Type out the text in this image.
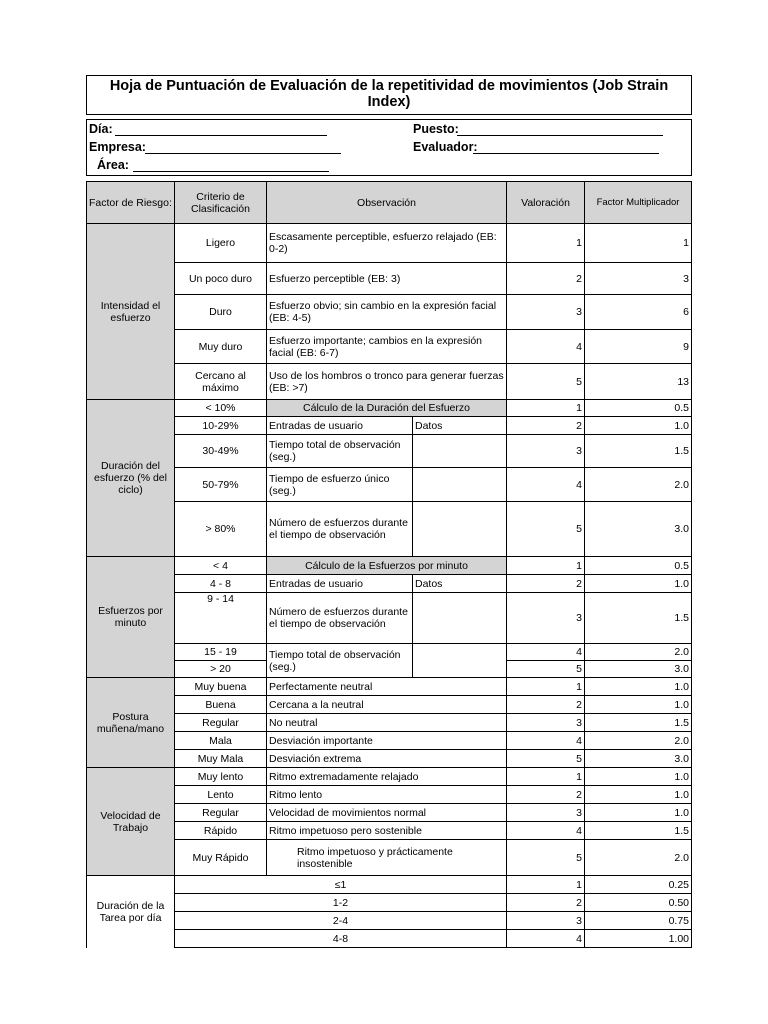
Hoja de Puntuación de Evaluación de la repetitividad de movimientos (Job Strain Index)
Día:
Empresa:
Área:
Puesto:
Evaluador:
Factor de Riesgo:	Criterio de Clasificación	Observación		Valoración	Factor Multiplicador
Intensidad el esfuerzo	Ligero	Escasamente perceptible, esfuerzo relajado (EB: 0-2)		1	1
	Un poco duro	Esfuerzo perceptible (EB: 3)		2	3
	Duro	Esfuerzo obvio; sin cambio en la expresión facial (EB: 4-5)		3	6
	Muy duro	Esfuerzo importante; cambios en la expresión facial (EB: 6-7)		4	9
	Cercano al máximo	Uso de los hombros o tronco para generar fuerzas (EB: >7)		5	13
Duración del esfuerzo (% del ciclo)	< 10%	Cálculo de la Duración del Esfuerzo		1	0.5
	10-29%	Entradas de usuario	Datos	2	1.0
	30-49%	Tiempo total de observación (seg.)		3	1.5
	50-79%	Tiempo de esfuerzo único (seg.)		4	2.0
	> 80%	Número de esfuerzos durante el tiempo de observación		5	3.0
Esfuerzos por minuto	< 4	Cálculo de la Esfuerzos por minuto		1	0.5
	4 - 8	Entradas de usuario	Datos	2	1.0
	9 - 14	Número de esfuerzos durante el tiempo de observación		3	1.5
	15 - 19	Tiempo total de observación (seg.)		4	2.0
	> 20			5	3.0
Postura muñena/mano	Muy buena	Perfectamente neutral		1	1.0
	Buena	Cercana a la neutral		2	1.0
	Regular	No neutral		3	1.5
	Mala	Desviación importante		4	2.0
	Muy Mala	Desviación extrema		5	3.0
Velocidad de Trabajo	Muy lento	Ritmo extremadamente relajado		1	1.0
	Lento	Ritmo lento		2	1.0
	Regular	Velocidad de movimientos normal		3	1.0
	Rápido	Ritmo impetuoso pero sostenible		4	1.5
	Muy Rápido	Ritmo impetuoso y prácticamente insostenible		5	2.0
Duración de la Tarea por día	≤1			1	0.25
	1-2			2	0.50
	2-4			3	0.75
	4-8			4	1.00
